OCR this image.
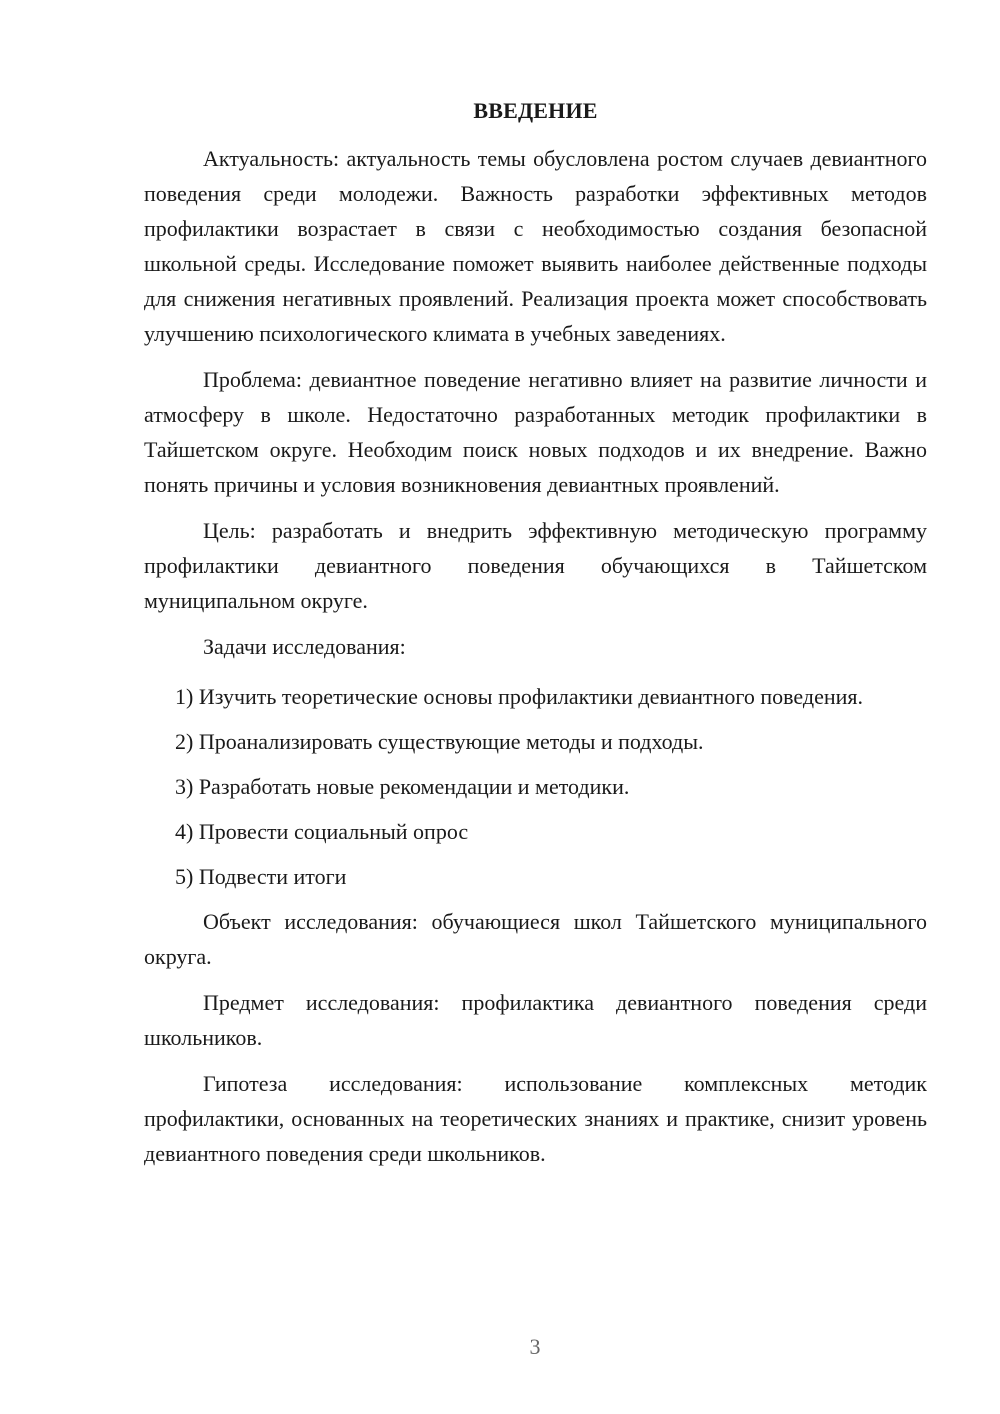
ВВЕДЕНИЕ

Актуальность: актуальность темы обусловлена ростом случаев девиантного поведения среди молодежи. Важность разработки эффективных методов профилактики возрастает в связи с необходимостью создания безопасной школьной среды. Исследование поможет выявить наиболее действенные подходы для снижения негативных проявлений. Реализация проекта может способствовать улучшению психологического климата в учебных заведениях.

Проблема: девиантное поведение негативно влияет на развитие личности и атмосферу в школе. Недостаточно разработанных методик профилактики в Тайшетском округе. Необходим поиск новых подходов и их внедрение. Важно понять причины и условия возникновения девиантных проявлений.

Цель: разработать и внедрить эффективную методическую программу профилактики девиантного поведения обучающихся в Тайшетском муниципальном округе.

Задачи исследования:

1) Изучить теоретические основы профилактики девиантного поведения.

2) Проанализировать существующие методы и подходы.

3) Разработать новые рекомендации и методики.

4) Провести социальный опрос

5) Подвести итоги

Объект исследования: обучающиеся школ Тайшетского муниципального округа.

Предмет исследования: профилактика девиантного поведения среди школьников.

Гипотеза исследования: использование комплексных методик профилактики, основанных на теоретических знаниях и практике, снизит уровень девиантного поведения среди школьников.

3
